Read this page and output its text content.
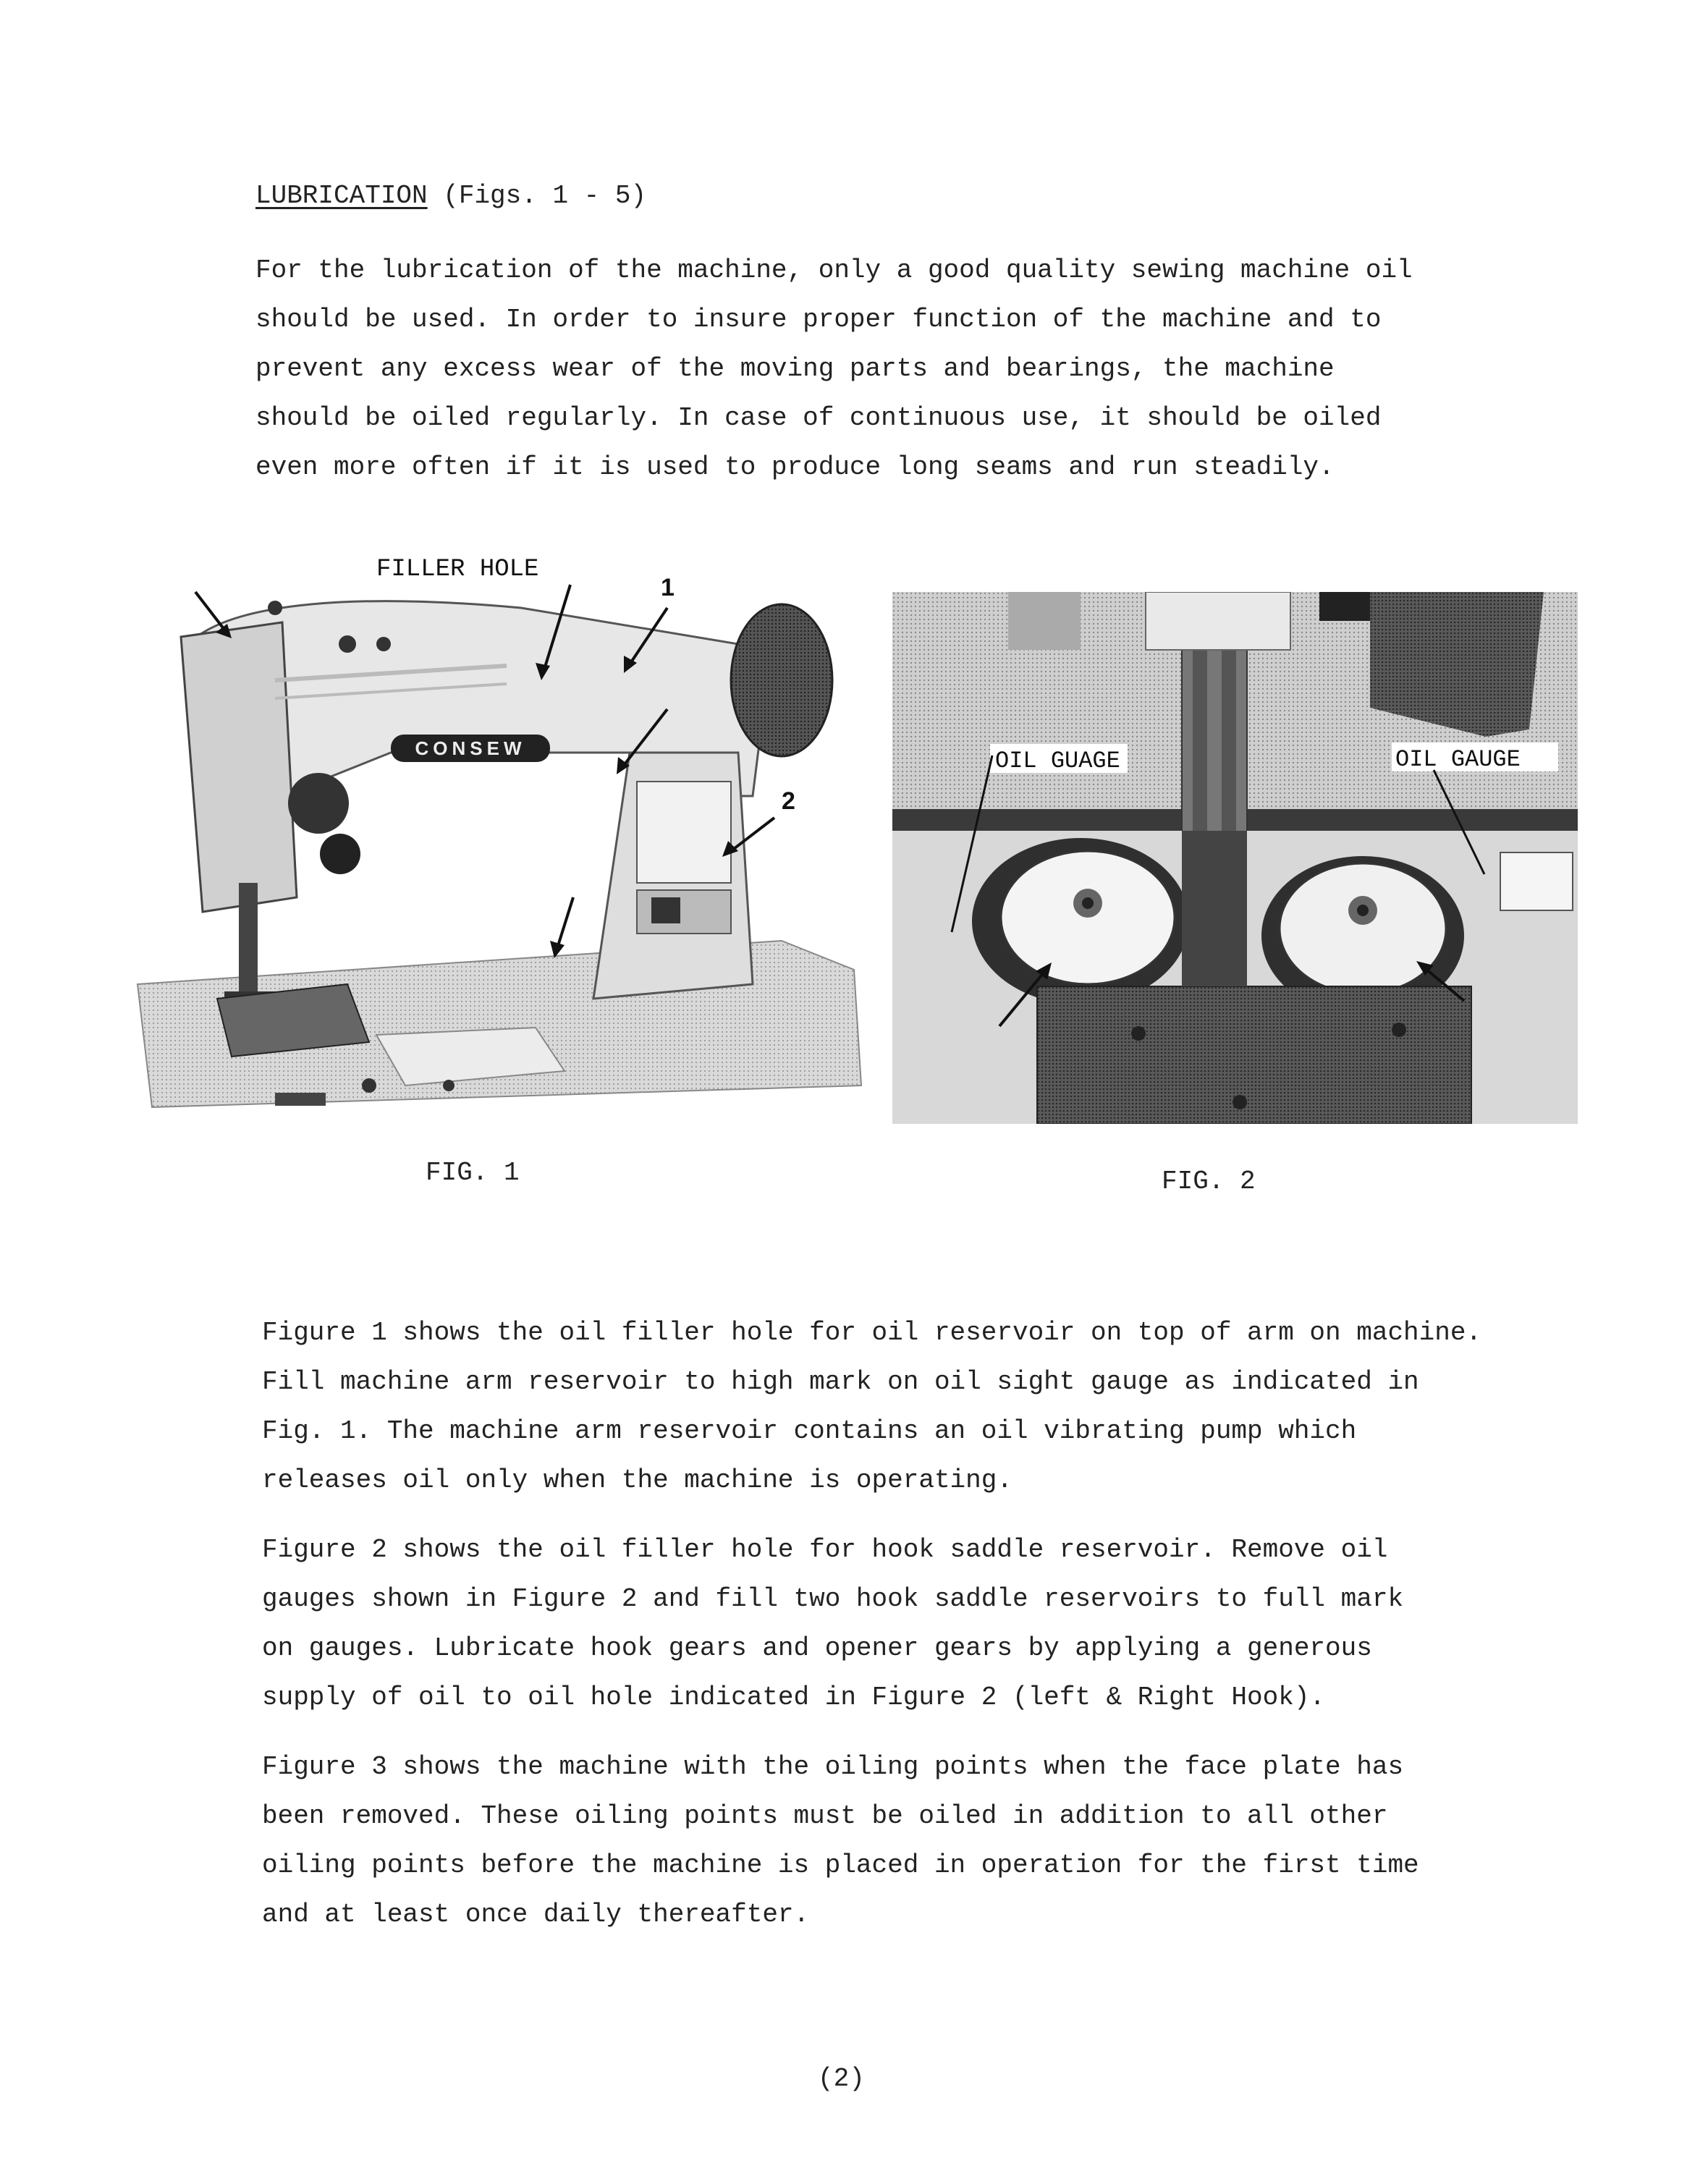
LUBRICATION (Figs. 1 - 5)
For the lubrication of the machine, only a good quality sewing machine oil
should be used. In order to insure proper function of the machine and to
prevent any excess wear of the moving parts and bearings, the machine
should be oiled regularly. In case of continuous use, it should be oiled
even more often if it is used to produce long seams and run steadily.
CONSEW
FILLER HOLE
1
2
FIG. 1
OIL GUAGE	OIL GAUGE
FIG. 2
Figure 1 shows the oil filler hole for oil reservoir on top of arm on machine.
Fill machine arm reservoir to high mark on oil sight gauge as indicated in
Fig. 1. The machine arm reservoir contains an oil vibrating pump which
releases oil only when the machine is operating.
Figure 2 shows the oil filler hole for hook saddle reservoir. Remove oil
gauges shown in Figure 2 and fill two hook saddle reservoirs to full mark
on gauges. Lubricate hook gears and opener gears by applying a generous
supply of oil to oil hole indicated in Figure 2 (left & Right Hook).
Figure 3 shows the machine with the oiling points when the face plate has
been removed. These oiling points must be oiled in addition to all other
oiling points before the machine is placed in operation for the first time
and at least once daily thereafter.
(2)
